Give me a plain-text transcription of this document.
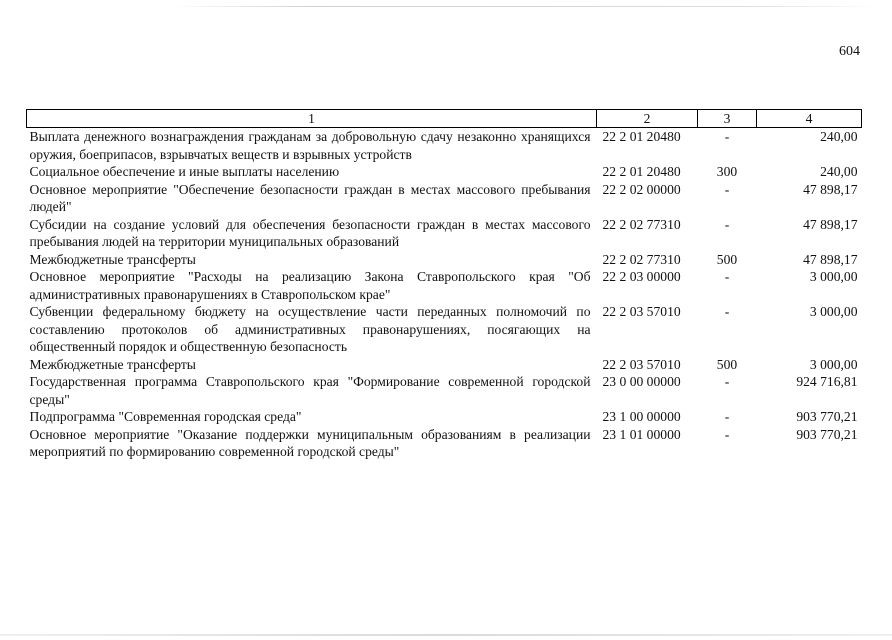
604
1	2	3	4
Выплата денежного вознаграждения гражданам за добровольную сдачу незаконно хранящихся оружия, боеприпасов, взрывчатых веществ и взрывных устройств	22 2 01 20480	-	240,00
Социальное обеспечение и иные выплаты населению	22 2 01 20480	300	240,00
Основное мероприятие "Обеспечение безопасности граждан в местах массового пребывания людей"	22 2 02 00000	-	47 898,17
Субсидии на создание условий для обеспечения безопасности граждан в местах массового пребывания людей на территории муниципальных образований	22 2 02 77310	-	47 898,17
Межбюджетные трансферты	22 2 02 77310	500	47 898,17
Основное мероприятие "Расходы на реализацию Закона Ставропольского края "Об административных правонарушениях в Ставропольском крае"	22 2 03 00000	-	3 000,00
Субвенции федеральному бюджету на осуществление части переданных полномочий по составлению протоколов об административных правонарушениях, посягающих на общественный порядок и общественную безопасность	22 2 03 57010	-	3 000,00
Межбюджетные трансферты	22 2 03 57010	500	3 000,00
Государственная программа Ставропольского края "Формирование современной городской среды"	23 0 00 00000	-	924 716,81
Подпрограмма "Современная городская среда"	23 1 00 00000	-	903 770,21
Основное мероприятие "Оказание поддержки муниципальным образованиям в реализации мероприятий по формированию современной городской среды"	23 1 01 00000	-	903 770,21
